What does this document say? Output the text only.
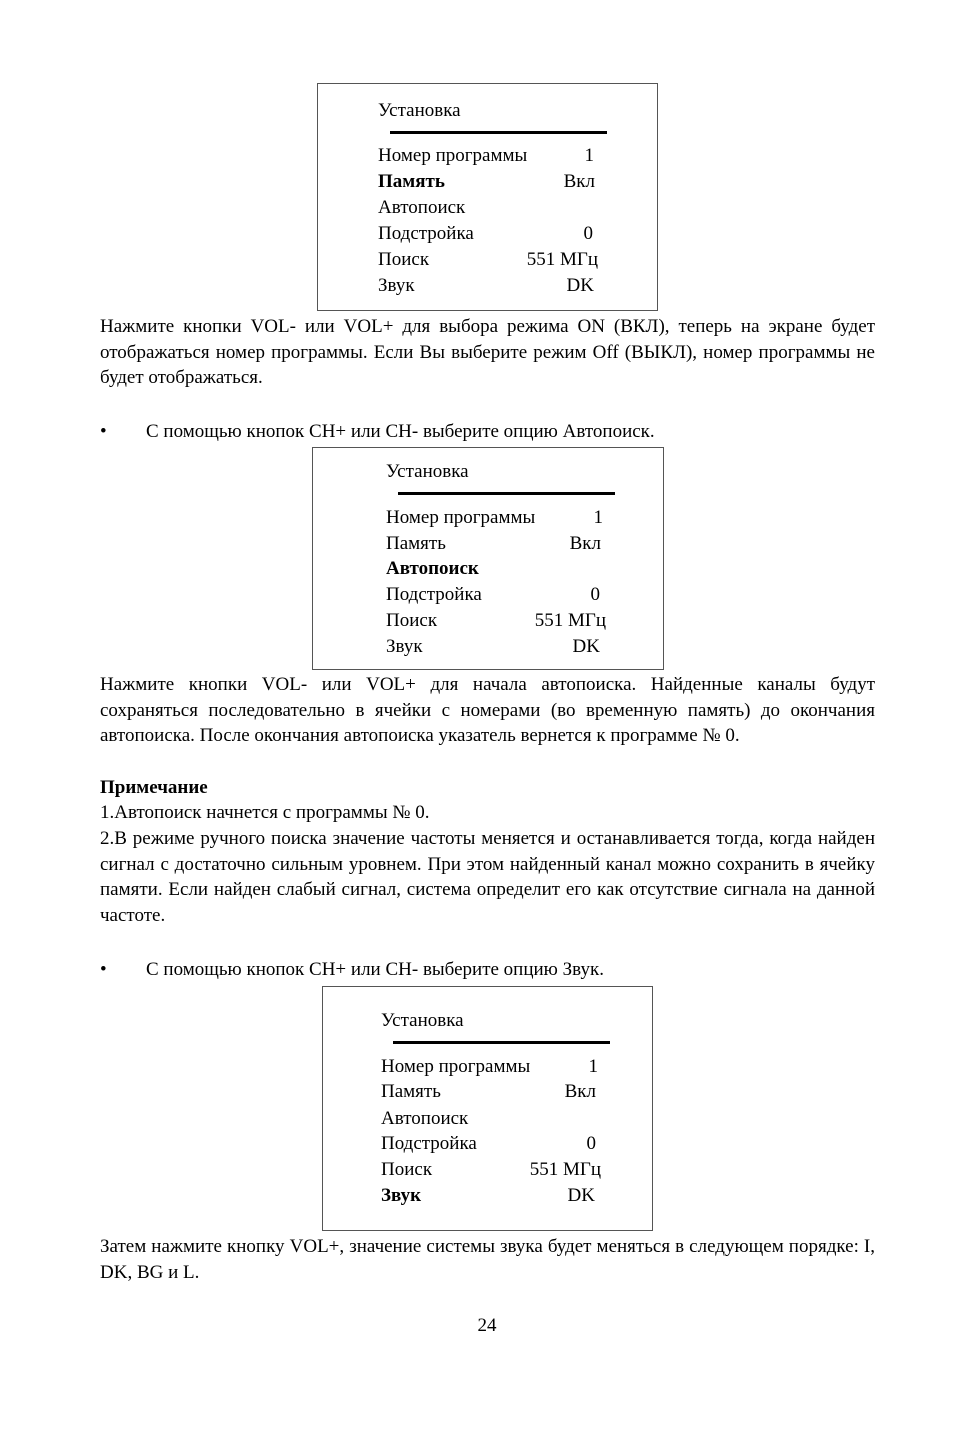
Установка
Номер программы	1
Память	Вкл
Автопоиск
Подстройка	0
Поиск	551 МГц
Звук	DK
Нажмите кнопки VOL- или VOL+ для выбора режима ON (ВКЛ), теперь на экране будет отображаться номер программы. Если Вы выберите режим Off (ВЫКЛ), номер программы не будет отображаться.
• С помощью кнопок CH+ или CH- выберите опцию Автопоиск.
Установка
Номер программы	1
Память	Вкл
Автопоиск
Подстройка	0
Поиск	551 МГц
Звук	DK
Нажмите кнопки VOL- или VOL+ для начала автопоиска. Найденные каналы будут сохраняться последовательно в ячейки с номерами (во временную память) до окончания автопоиска. После окончания автопоиска указатель вернется к программе № 0.
Примечание
1.Автопоиск начнется с программы № 0.
2.В режиме ручного поиска значение частоты меняется и останавливается тогда, когда найден сигнал с достаточно сильным уровнем. При этом найденный канал можно сохранить в ячейку памяти. Если найден слабый сигнал, система определит его как отсутствие сигнала на данной частоте.
• С помощью кнопок CH+ или CH- выберите опцию Звук.
Установка
Номер программы	1
Память	Вкл
Автопоиск
Подстройка	0
Поиск	551 МГц
Звук	DK
Затем нажмите кнопку VOL+, значение системы звука будет меняться в следующем порядке: I, DK, BG и L.
24
